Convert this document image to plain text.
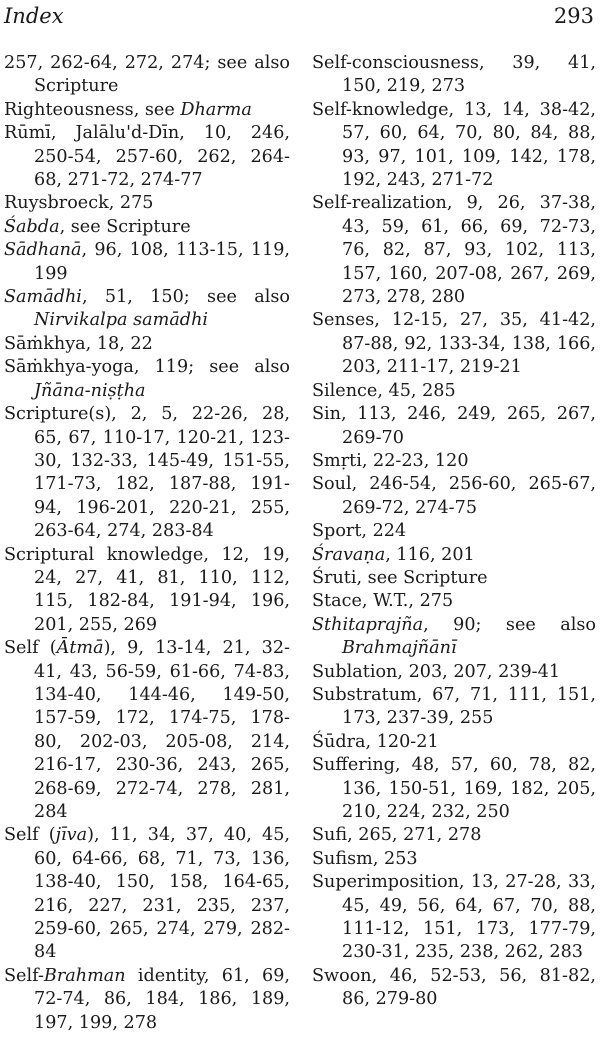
Index	293
257, 262-64, 272, 274; see also Scripture
Righteousness, see Dharma
Rūmī, Jalālu'd-Dīn, 10, 246, 250-54, 257-60, 262, 264-68, 271-72, 274-77
Ruysbroeck, 275
Śabda, see Scripture
Sādhanā, 96, 108, 113-15, 119, 199
Samādhi, 51, 150; see also Nirvikalpa samādhi
Sāṁkhya, 18, 22
Sāṁkhya-yoga, 119; see also Jñāna-niṣṭha
Scripture(s), 2, 5, 22-26, 28, 65, 67, 110-17, 120-21, 123-30, 132-33, 145-49, 151-55, 171-73, 182, 187-88, 191-94, 196-201, 220-21, 255, 263-64, 274, 283-84
Scriptural knowledge, 12, 19, 24, 27, 41, 81, 110, 112, 115, 182-84, 191-94, 196, 201, 255, 269
Self (Ātmā), 9, 13-14, 21, 32-41, 43, 56-59, 61-66, 74-83, 134-40, 144-46, 149-50, 157-59, 172, 174-75, 178-80, 202-03, 205-08, 214, 216-17, 230-36, 243, 265, 268-69, 272-74, 278, 281, 284
Self (jīva), 11, 34, 37, 40, 45, 60, 64-66, 68, 71, 73, 136, 138-40, 150, 158, 164-65, 216, 227, 231, 235, 237, 259-60, 265, 274, 279, 282-84
Self-Brahman identity, 61, 69, 72-74, 86, 184, 186, 189, 197, 199, 278
Self-consciousness, 39, 41, 150, 219, 273
Self-knowledge, 13, 14, 38-42, 57, 60, 64, 70, 80, 84, 88, 93, 97, 101, 109, 142, 178, 192, 243, 271-72
Self-realization, 9, 26, 37-38, 43, 59, 61, 66, 69, 72-73, 76, 82, 87, 93, 102, 113, 157, 160, 207-08, 267, 269, 273, 278, 280
Senses, 12-15, 27, 35, 41-42, 87-88, 92, 133-34, 138, 166, 203, 211-17, 219-21
Silence, 45, 285
Sin, 113, 246, 249, 265, 267, 269-70
Smṛti, 22-23, 120
Soul, 246-54, 256-60, 265-67, 269-72, 274-75
Sport, 224
Śravaṇa, 116, 201
Śruti, see Scripture
Stace, W.T., 275
Sthitaprajña, 90; see also Brahmajñānī
Sublation, 203, 207, 239-41
Substratum, 67, 71, 111, 151, 173, 237-39, 255
Śūdra, 120-21
Suffering, 48, 57, 60, 78, 82, 136, 150-51, 169, 182, 205, 210, 224, 232, 250
Sufi, 265, 271, 278
Sufism, 253
Superimposition, 13, 27-28, 33, 45, 49, 56, 64, 67, 70, 88, 111-12, 151, 173, 177-79, 230-31, 235, 238, 262, 283
Swoon, 46, 52-53, 56, 81-82, 86, 279-80
